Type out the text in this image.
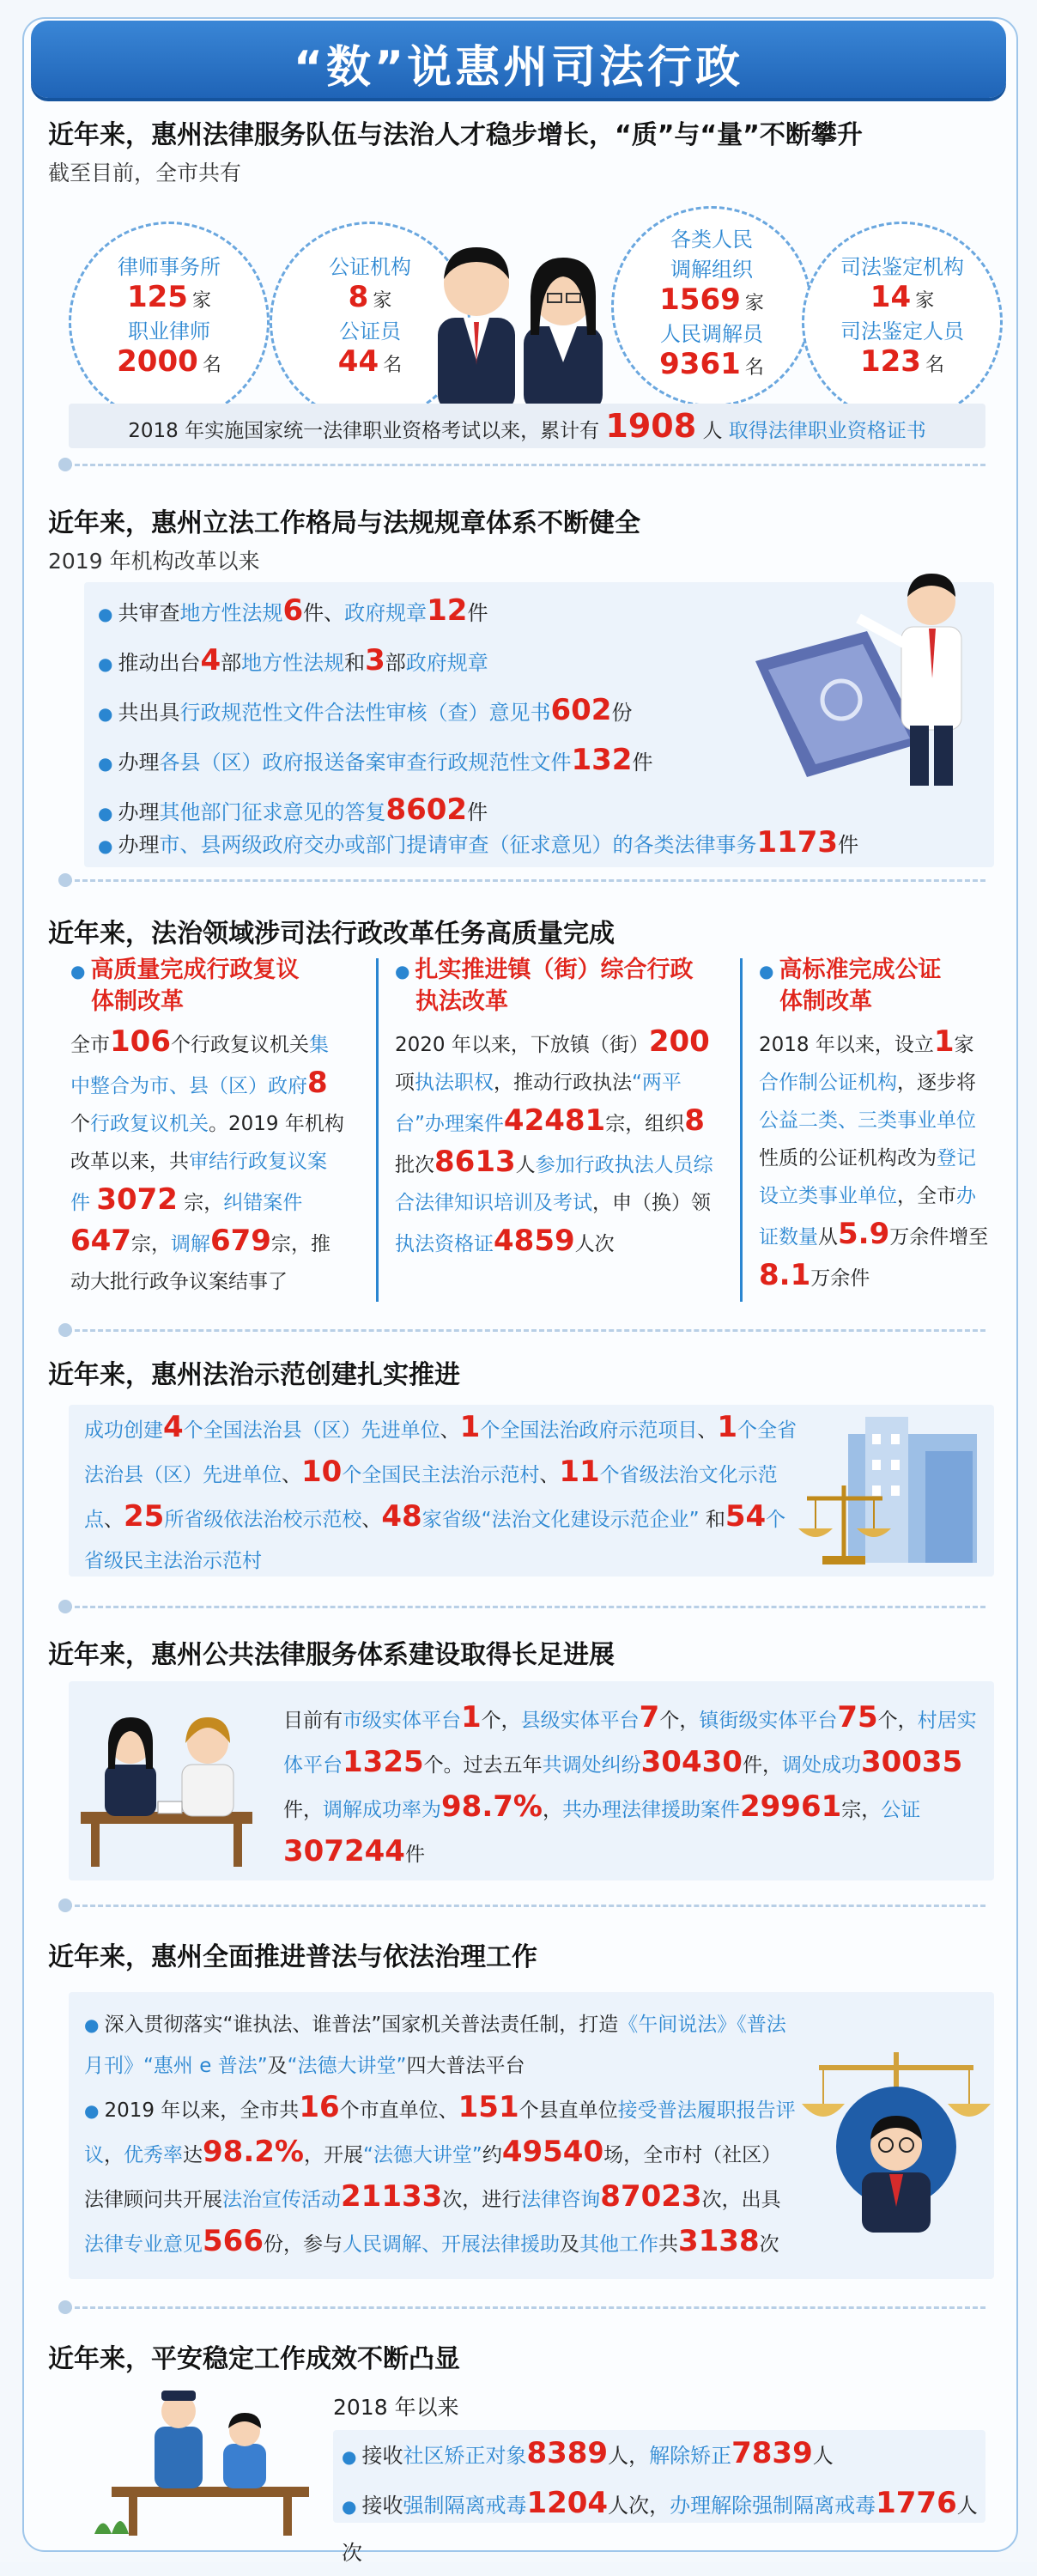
“数”说惠州司法行政
近年来，惠州法律服务队伍与法治人才稳步增长，“质”与“量”不断攀升
截至目前，全市共有
律师事务所
125 家
职业律师
2000 名
公证机构
8 家
公证员
44 名
各类人民
调解组织
1569 家
人民调解员
9361 名
司法鉴定机构
14 家
司法鉴定人员
123 名
2018 年实施国家统一法律职业资格考试以来，累计有 1908 人 取得法律职业资格证书
近年来，惠州立法工作格局与法规规章体系不断健全
2019 年机构改革以来
● 共审查地方性法规6件、政府规章12件
● 推动出台4部地方性法规和3部政府规章
● 共出具行政规范性文件合法性审核（查）意见书602份
● 办理各县（区）政府报送备案审查行政规范性文件132件
● 办理其他部门征求意见的答复8602件
● 办理市、县两级政府交办或部门提请审查（征求意见）的各类法律事务1173件
近年来，法治领域涉司法行政改革任务高质量完成
● 高质量完成行政复议
体制改革
全市106个行政复议机关集中整合为市、县（区）政府8个行政复议机关。2019 年机构改革以来，共审结行政复议案件 3072 宗，纠错案件 647宗，调解679宗，推动大批行政争议案结事了
● 扎实推进镇（街）综合行政
执法改革
2020 年以来，下放镇（街）200项执法职权，推动行政执法“两平台”办理案件42481宗，组织8批次8613人参加行政执法人员综合法律知识培训及考试，申（换）领执法资格证4859人次
● 高标准完成公证
体制改革
2018 年以来，设立1家合作制公证机构，逐步将公益二类、三类事业单位性质的公证机构改为登记设立类事业单位，全市办证数量从5.9万余件增至8.1万余件
近年来，惠州法治示范创建扎实推进
成功创建4个全国法治县（区）先进单位、1个全国法治政府示范项目、1个全省法治县（区）先进单位、10个全国民主法治示范村、11个省级法治文化示范点、25所省级依法治校示范校、48家省级“法治文化建设示范企业” 和54个省级民主法治示范村
近年来，惠州公共法律服务体系建设取得长足进展
目前有市级实体平台1个，县级实体平台7个，镇街级实体平台75个，村居实体平台1325个。过去五年共调处纠纷30430件，调处成功30035件，调解成功率为98.7%，共办理法律援助案件29961宗，公证307244件
近年来，惠州全面推进普法与依法治理工作
● 深入贯彻落实“谁执法、谁普法”国家机关普法责任制，打造《午间说法》《普法月刊》“惠州 e 普法”及“法德大讲堂”四大普法平台
● 2019 年以来，全市共16个市直单位、151个县直单位接受普法履职报告评议，优秀率达98.2%，开展“法德大讲堂”约49540场，全市村（社区）法律顾问共开展法治宣传活动21133次，进行法律咨询87023次，出具法律专业意见566份，参与人民调解、开展法律援助及其他工作共3138次
近年来，平安稳定工作成效不断凸显
2018 年以来
● 接收社区矫正对象8389人，解除矫正7839人
● 接收强制隔离戒毒1204人次，办理解除强制隔离戒毒1776人次
